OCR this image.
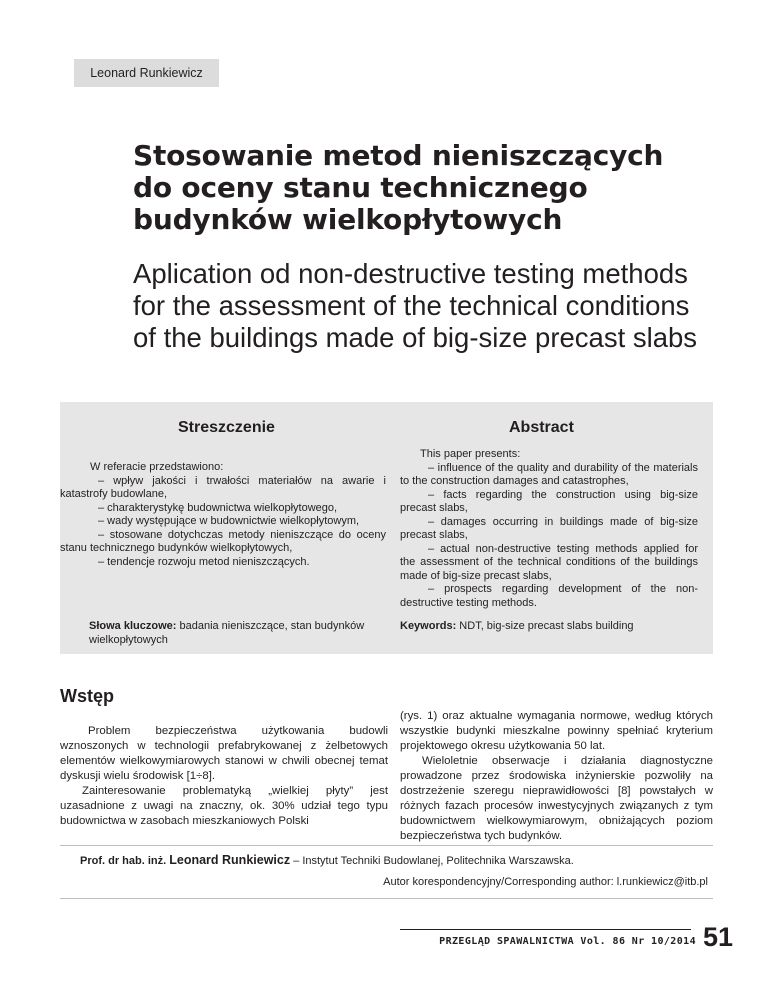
Leonard Runkiewicz
Stosowanie metod nieniszczących
do oceny stanu technicznego
budynków wielkopłytowych
Aplication od non-destructive testing methods
for the assessment of the technical conditions
of the buildings made of big-size precast slabs
Streszczenie	Abstract

W referacie przedstawiono:

– wpływ jakości i trwałości materiałów na awarie i katastrofy budowlane,

– charakterystykę budownictwa wielkopłytowego,

– wady występujące w budownictwie wielkopłytowym,

– stosowane dotychczas metody nieniszczące do oceny stanu technicznego budynków wielkopłytowych,

– tendencje rozwoju metod nieniszczących.

This paper presents:

– influence of the quality and durability of the materials to the construction damages and catastrophes,

– facts regarding the construction using big-size precast slabs,

– damages occurring in buildings made of big-size precast slabs,

– actual non-destructive testing methods applied for the assessment of the technical conditions of the buildings made of big-size precast slabs,

– prospects regarding development of the non-destructive testing methods.

Słowa kluczowe: badania nieniszczące, stan budynków wielkopłytowych

Keywords: NDT, big-size precast slabs building

Wstęp

Problem bezpieczeństwa użytkowania budowli wznoszonych w technologii prefabrykowanej z żelbetowych elementów wielkowymiarowych stanowi w chwili obecnej temat dyskusji wielu środowisk [1÷8].

Zainteresowanie problematyką „wielkiej płyty” jest uzasadnione z uwagi na znaczny, ok. 30% udział tego typu budownictwa w zasobach mieszkaniowych Polski

(rys. 1) oraz aktualne wymagania normowe, według których wszystkie budynki mieszkalne powinny spełniać kryterium projektowego okresu użytkowania 50 lat.

Wieloletnie obserwacje i działania diagnostyczne prowadzone przez środowiska inżynierskie pozwoliły na dostrzeżenie szeregu nieprawidłowości [8] powstałych w różnych fazach procesów inwestycyjnych związanych z tym budownictwem wielkowymiarowym, obniżających poziom bezpieczeństwa tych budynków.

Prof. dr hab. inż. Leonard Runkiewicz – Instytut Techniki Budowlanej, Politechnika Warszawska.

Autor korespondencyjny/Corresponding author: l.runkiewicz@itb.pl

PRZEGLĄD SPAWALNICTWA Vol. 86 Nr 10/2014 51
